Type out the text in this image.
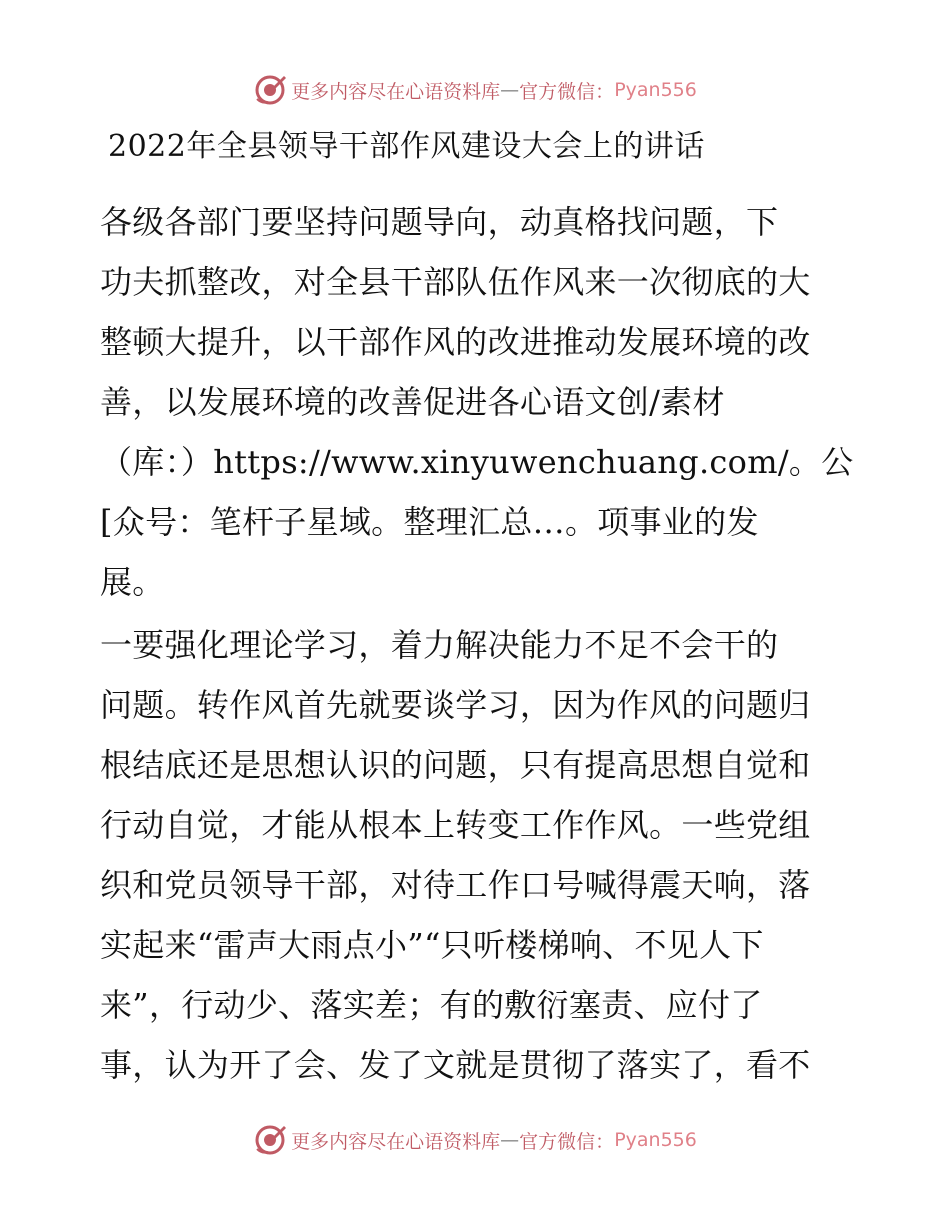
更多内容尽在心语资料库 — 官方微信： Pyan556
2022年全县领导干部作风建设大会上的讲话

各级各部门要坚持问题导向，动真格找问题，下
功夫抓整改，对全县干部队伍作风来一次彻底的大
整顿大提升，以干部作风的改进推动发展环境的改
善，以发展环境的改善促进各心语文创/素材
（库：）https://www.xinyuwenchuang.com/。公
[众号：笔杆子星域。整理汇总…。项事业的发
展。

一要强化理论学习，着力解决能力不足不会干的
问题。转作风首先就要谈学习，因为作风的问题归
根结底还是思想认识的问题，只有提高思想自觉和
行动自觉，才能从根本上转变工作作风。一些党组
织和党员领导干部，对待工作口号喊得震天响，落
实起来“雷声大雨点小”“只听楼梯响、不见人下
来”，行动少、落实差；有的敷衍塞责、应付了
事，认为开了会、发了文就是贯彻了落实了，看不

更多内容尽在心语资料库 — 官方微信： Pyan556
